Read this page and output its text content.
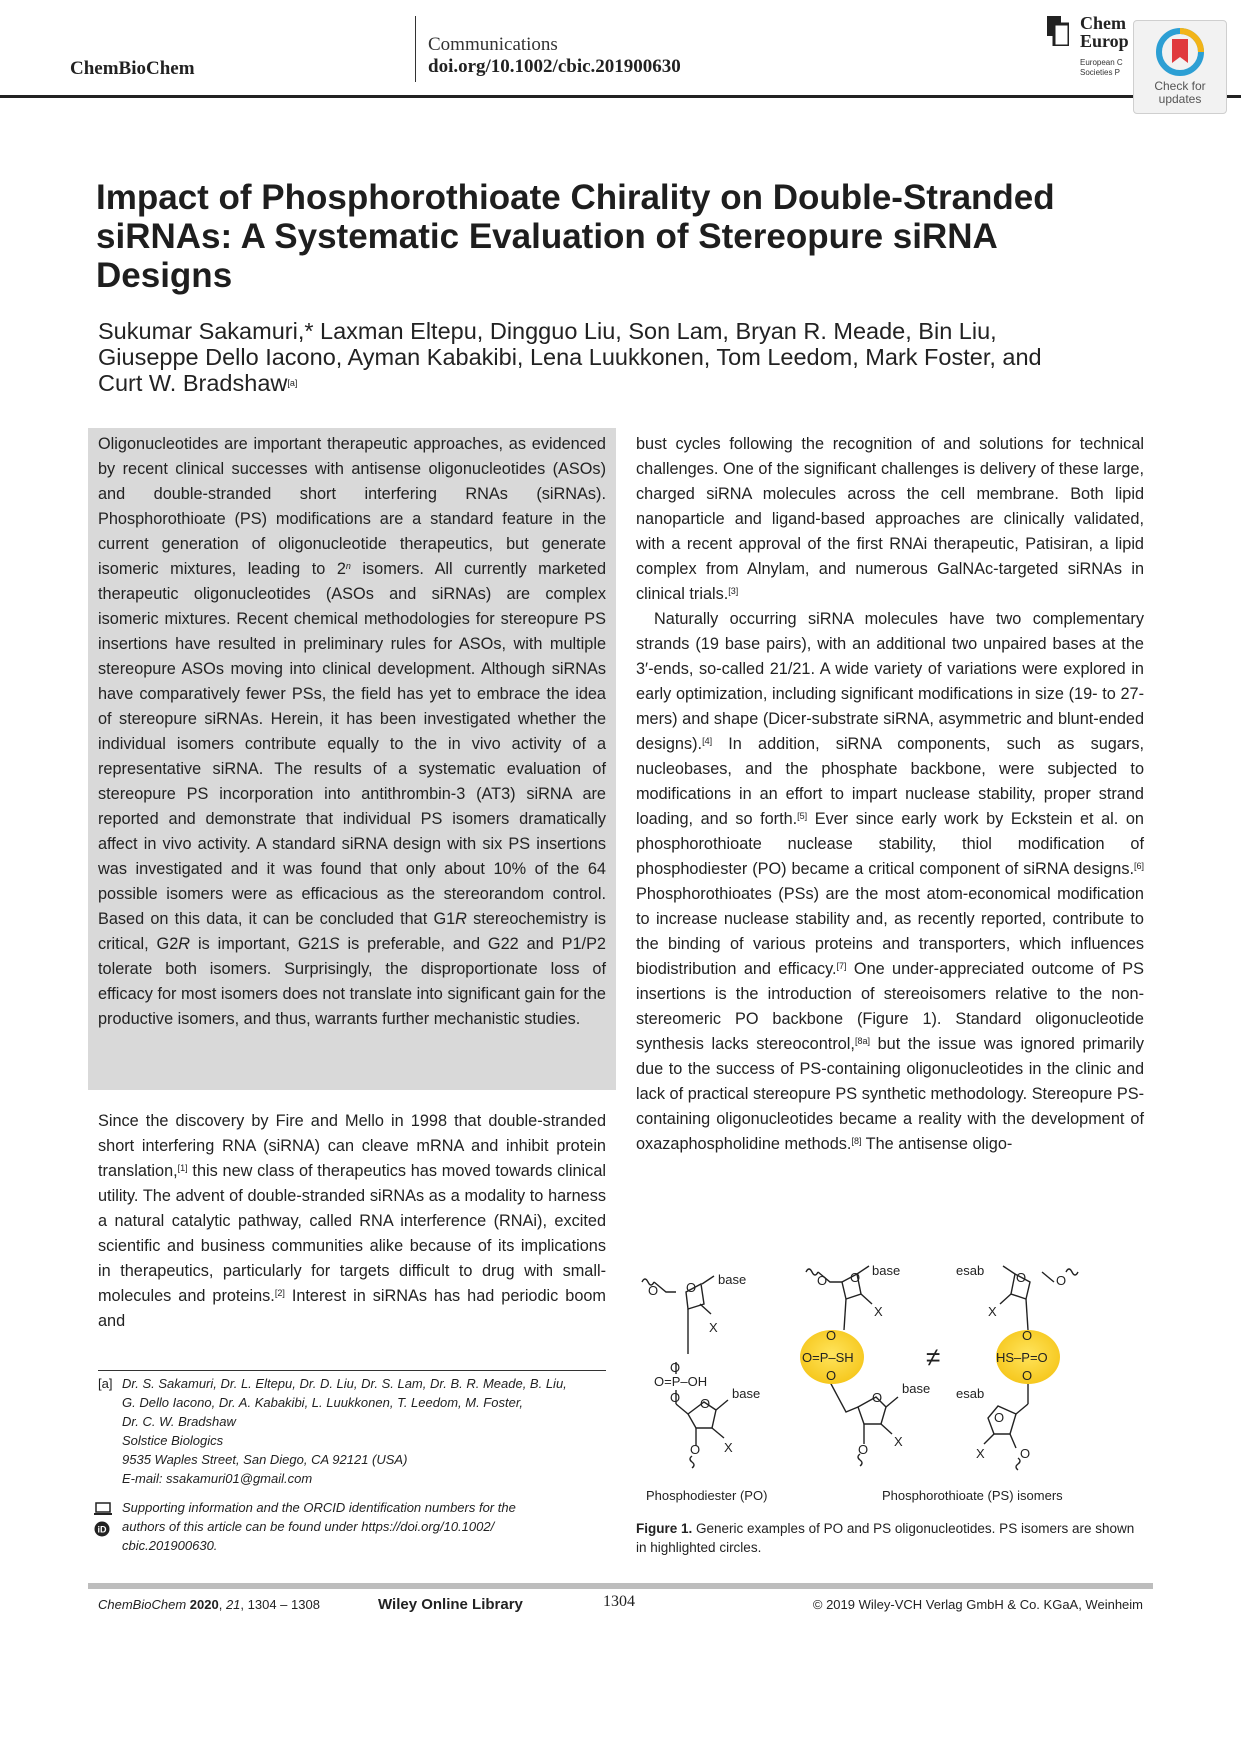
ChemBioChem
Communications
doi.org/10.1002/cbic.201900630
Chem
Europ
European C
Societies P
Check for
updates
Impact of Phosphorothioate Chirality on Double-Stranded siRNAs: A Systematic Evaluation of Stereopure siRNA Designs
Sukumar Sakamuri,* Laxman Eltepu, Dingguo Liu, Son Lam, Bryan R. Meade, Bin Liu,
Giuseppe Dello Iacono, Ayman Kabakibi, Lena Luukkonen, Tom Leedom, Mark Foster, and
Curt W. Bradshaw[a]
Oligonucleotides are important therapeutic approaches, as evidenced by recent clinical successes with antisense oligonucleotides (ASOs) and double-stranded short interfering RNAs (siRNAs). Phosphorothioate (PS) modifications are a standard feature in the current generation of oligonucleotide therapeutics, but generate isomeric mixtures, leading to 2$^n$ isomers. All currently marketed therapeutic oligonucleotides (ASOs and siRNAs) are complex isomeric mixtures. Recent chemical methodologies for stereopure PS insertions have resulted in preliminary rules for ASOs, with multiple stereopure ASOs moving into clinical development. Although siRNAs have comparatively fewer PSs, the field has yet to embrace the idea of stereopure siRNAs. Herein, it has been investigated whether the individual isomers contribute equally to the in vivo activity of a representative siRNA. The results of a systematic evaluation of stereopure PS incorporation into antithrombin-3 (AT3) siRNA are reported and demonstrate that individual PS isomers dramatically affect in vivo activity. A standard siRNA design with six PS insertions was investigated and it was found that only about 10% of the 64 possible isomers were as efficacious as the stereorandom control. Based on this data, it can be concluded that G1R stereochemistry is critical, G2R is important, G21S is preferable, and G22 and P1/P2 tolerate both isomers. Surprisingly, the disproportionate loss of efficacy for most isomers does not translate into significant gain for the productive isomers, and thus, warrants further mechanistic studies.
Since the discovery by Fire and Mello in 1998 that double-stranded short interfering RNA (siRNA) can cleave mRNA and inhibit protein translation,[1] this new class of therapeutics has moved towards clinical utility. The advent of double-stranded siRNAs as a modality to harness a natural catalytic pathway, called RNA interference (RNAi), excited scientific and business communities alike because of its implications in therapeutics, particularly for targets difficult to drug with small-molecules and proteins.[2] Interest in siRNAs has had periodic boom and

bust cycles following the recognition of and solutions for technical challenges. One of the significant challenges is delivery of these large, charged siRNA molecules across the cell membrane. Both lipid nanoparticle and ligand-based approaches are clinically validated, with a recent approval of the first RNAi therapeutic, Patisiran, a lipid complex from Alnylam, and numerous GalNAc-targeted siRNAs in clinical trials.[3]

Naturally occurring siRNA molecules have two complementary strands (19 base pairs), with an additional two unpaired bases at the 3′-ends, so-called 21/21. A wide variety of variations were explored in early optimization, including significant modifications in size (19- to 27-mers) and shape (Dicer-substrate siRNA, asymmetric and blunt-ended designs).[4] In addition, siRNA components, such as sugars, nucleobases, and the phosphate backbone, were subjected to modifications in an effort to impart nuclease stability, proper strand loading, and so forth.[5] Ever since early work by Eckstein et al. on phosphorothioate nuclease stability, thiol modification of phosphodiester (PO) became a critical component of siRNA designs.[6] Phosphorothioates (PSs) are the most atom-economical modification to increase nuclease stability and, as recently reported, contribute to the binding of various proteins and transporters, which influences biodistribution and efficacy.[7] One under-appreciated outcome of PS insertions is the introduction of stereoisomers relative to the non-stereomeric PO backbone (Figure 1). Standard oligonucleotide synthesis lacks stereocontrol,[8a] but the issue was ignored primarily due to the success of PS-containing oligonucleotides in the clinic and lack of practical stereopure PS synthetic methodology. Stereopure PS-containing oligonucleotides became a reality with the development of oxazaphospholidine methods.[8] The antisense oligo-

[a] Dr. S. Sakamuri, Dr. L. Eltepu, Dr. D. Liu, Dr. S. Lam, Dr. B. R. Meade, B. Liu,
G. Dello Iacono, Dr. A. Kabakibi, L. Luukkonen, T. Leedom, M. Foster,
Dr. C. W. Bradshaw
Solstice Biologics
9535 Waples Street, San Diego, CA 92121 (USA)
E-mail: ssakamuri01@gmail.com
iD
Supporting information and the ORCID identification numbers for the
authors of this article can be found under https://doi.org/10.1002/
cbic.201900630.
O O
base
X
O
O=P–OH
O O
base
X
O
O O base
X
O
O=P–SH
O
O
base
X
O
≠
O
O
esab
X
O
HS–P=O
O
O
esab
X	O
Phosphodiester (PO)	Phosphorothioate (PS) isomers
Figure 1. Generic examples of PO and PS oligonucleotides. PS isomers are shown in highlighted circles.
ChemBioChem 2020, 21, 1304 – 1308	Wiley Online Library	1304	© 2019 Wiley-VCH Verlag GmbH & Co. KGaA, Weinheim
